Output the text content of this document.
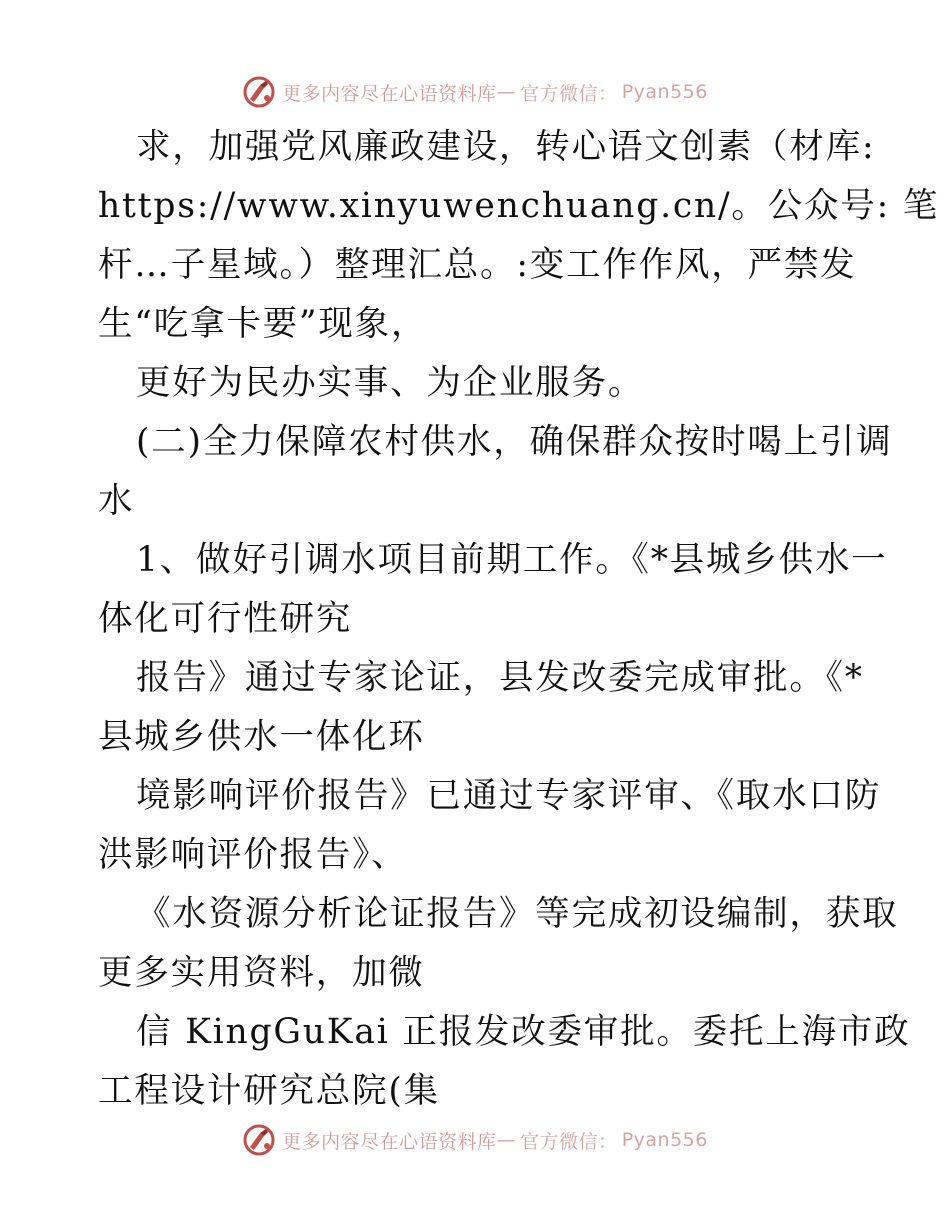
更多内容尽在心语资料库 — 官方微信： Pyan556
求，加强党风廉政建设，转心语文创素（材库:
https://www.xinyuwenchuang.cn/。公众号: 笔
杆…子星域。）整理汇总。:变工作作风，严禁发
生“吃拿卡要”现象，
更好为民办实事、为企业服务。
(二)全力保障农村供水，确保群众按时喝上引调
水
1、做好引调水项目前期工作。《*县城乡供水一
体化可行性研究
报告》通过专家论证，县发改委完成审批。《*
县城乡供水一体化环
境影响评价报告》已通过专家评审、《取水口防
洪影响评价报告》、
《水资源分析论证报告》等完成初设编制，获取
更多实用资料，加微
信 KingGuKai 正报发改委审批。委托上海市政
工程设计研究总院(集
更多内容尽在心语资料库 — 官方微信： Pyan556
